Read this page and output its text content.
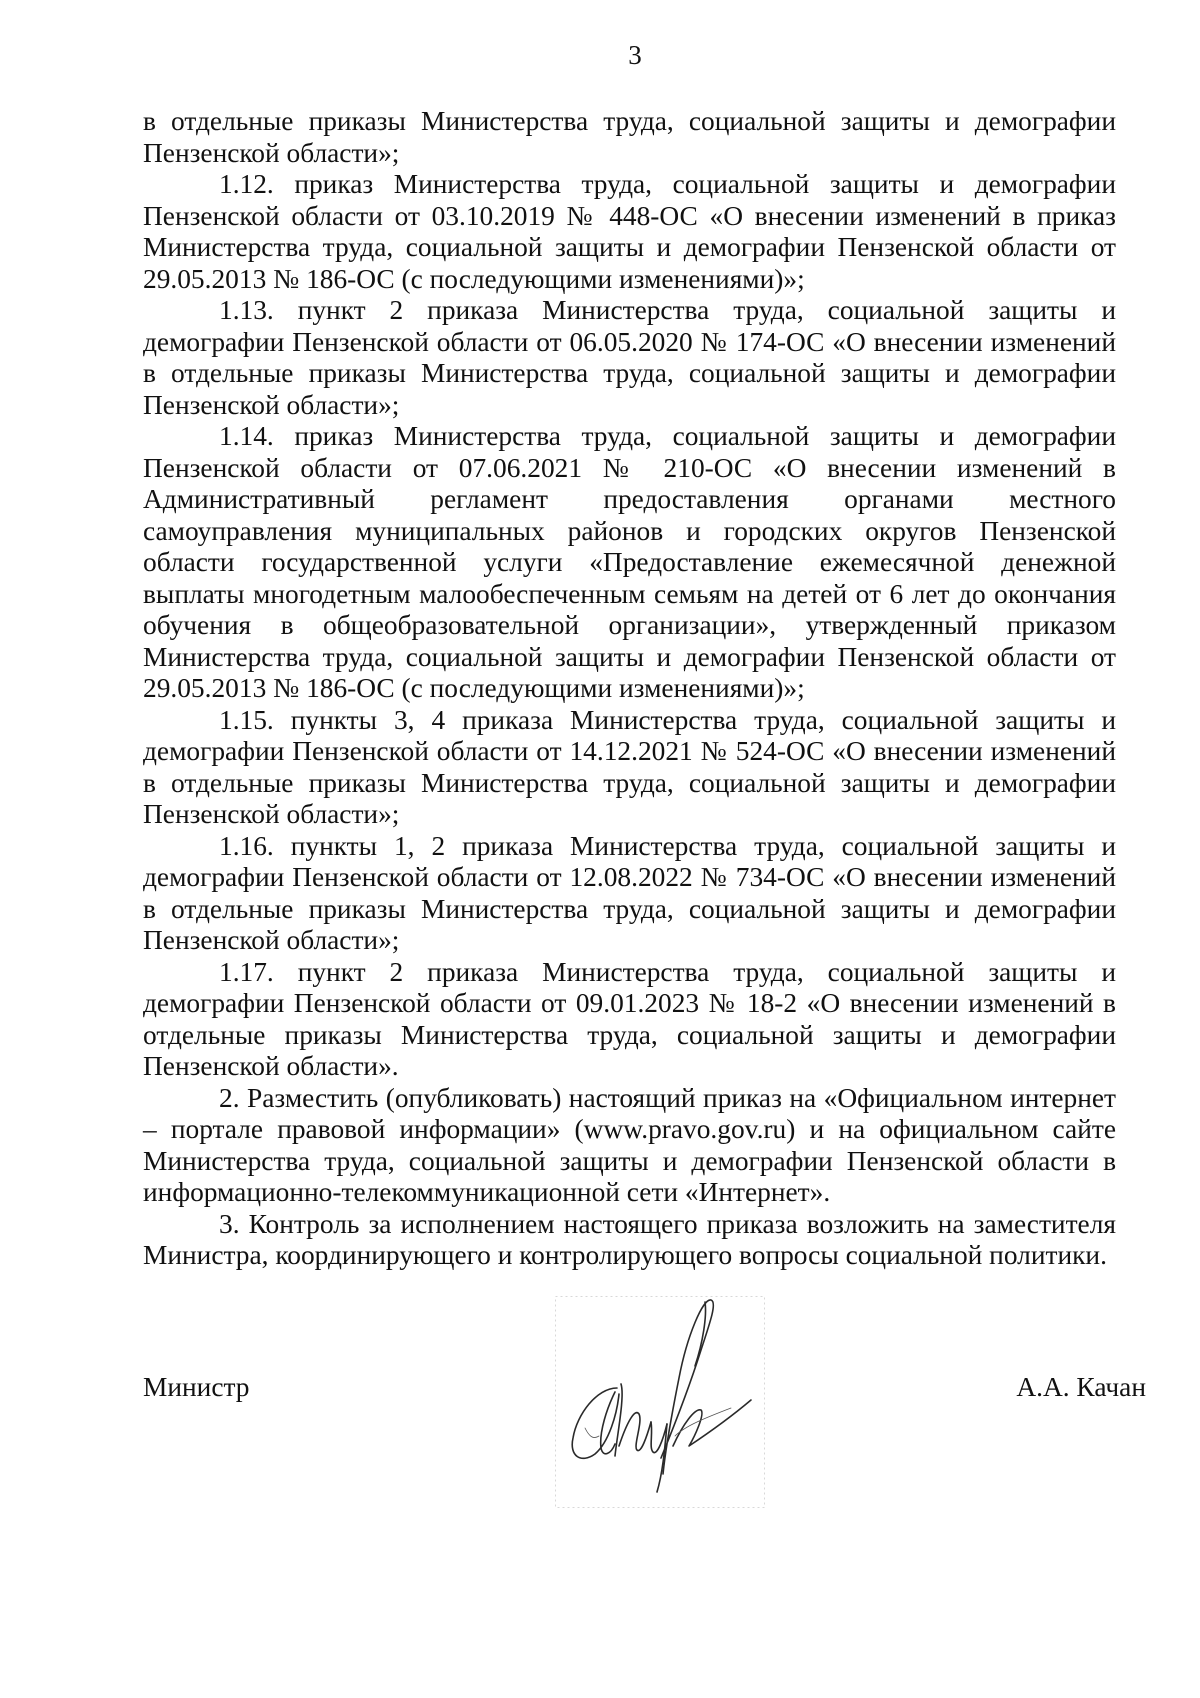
3

в отдельные приказы Министерства труда, социальной защиты и демографии Пензенской области»;

1.12. приказ Министерства труда, социальной защиты и демографии Пензенской области от 03.10.2019 № 448-ОС «О внесении изменений в приказ Министерства труда, социальной защиты и демографии Пензенской области от 29.05.2013 № 186-ОС (с последующими изменениями)»;

1.13. пункт 2 приказа Министерства труда, социальной защиты и демографии Пензенской области от 06.05.2020 № 174-ОС «О внесении изменений в отдельные приказы Министерства труда, социальной защиты и демографии Пензенской области»;

1.14. приказ Министерства труда, социальной защиты и демографии Пензенской области от 07.06.2021 № 210-ОС «О внесении изменений в Административный регламент предоставления органами местного самоуправления муниципальных районов и городских округов Пензенской области государственной услуги «Предоставление ежемесячной денежной выплаты многодетным малообеспеченным семьям на детей от 6 лет до окончания обучения в общеобразовательной организации», утвержденный приказом Министерства труда, социальной защиты и демографии Пензенской области от 29.05.2013 № 186-ОС (с последующими изменениями)»;

1.15. пункты 3, 4 приказа Министерства труда, социальной защиты и демографии Пензенской области от 14.12.2021 № 524-ОС «О внесении изменений в отдельные приказы Министерства труда, социальной защиты и демографии Пензенской области»;

1.16. пункты 1, 2 приказа Министерства труда, социальной защиты и демографии Пензенской области от 12.08.2022 № 734-ОС «О внесении изменений в отдельные приказы Министерства труда, социальной защиты и демографии Пензенской области»;

1.17. пункт 2 приказа Министерства труда, социальной защиты и демографии Пензенской области от 09.01.2023 № 18-2 «О внесении изменений в отдельные приказы Министерства труда, социальной защиты и демографии Пензенской области».

2. Разместить (опубликовать) настоящий приказ на «Официальном интернет – портале правовой информации» (www.pravo.gov.ru) и на официальном сайте Министерства труда, социальной защиты и демографии Пензенской области в информационно-телекоммуникационной сети «Интернет».

3. Контроль за исполнением настоящего приказа возложить на заместителя Министра, координирующего и контролирующего вопросы социальной политики.

Министр	А.А. Качан
